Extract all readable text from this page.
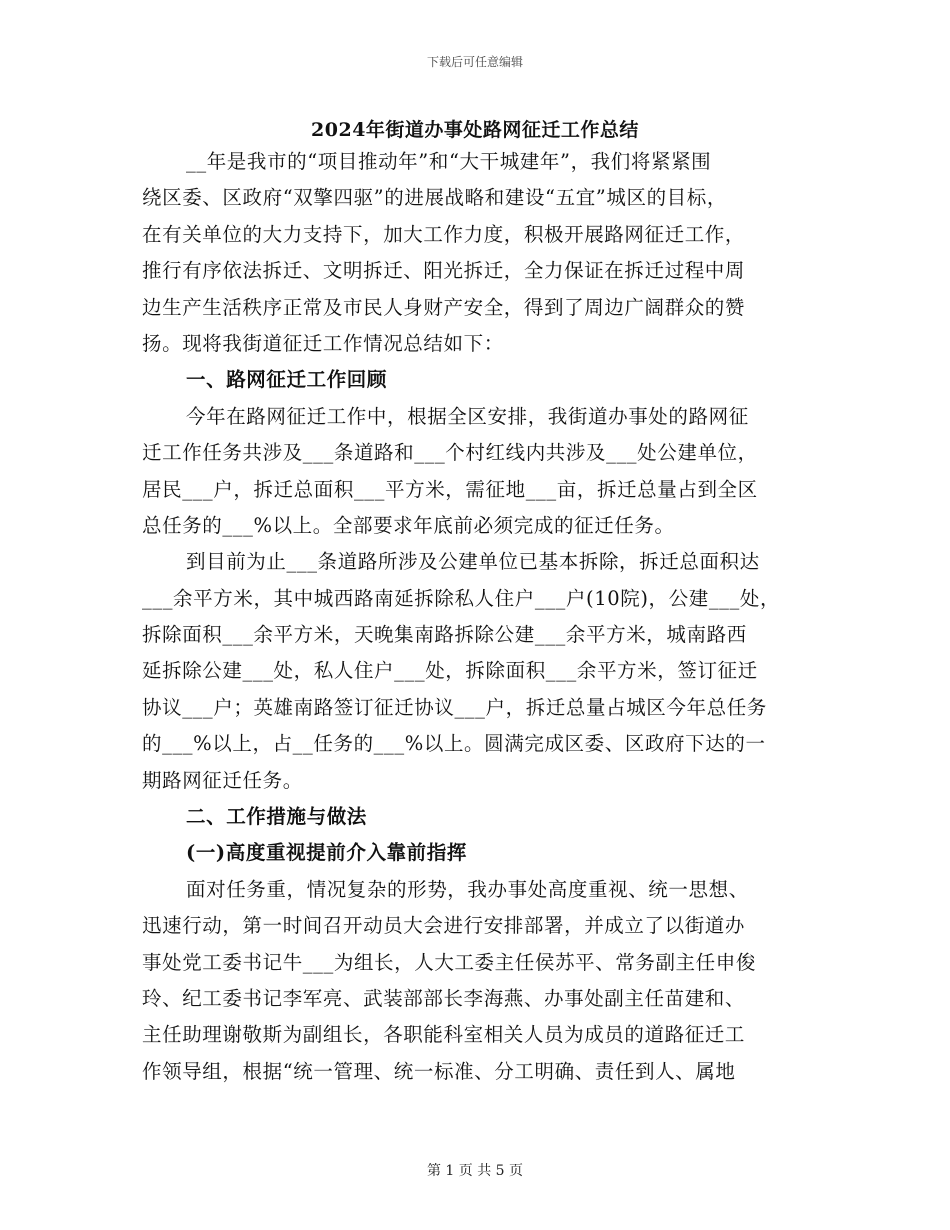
下载后可任意编辑
2024年街道办事处路网征迁工作总结
__年是我市的“项目推动年”和“大干城建年”，我们将紧紧围
绕区委、区政府“双擎四驱”的进展战略和建设“五宜”城区的目标，
在有关单位的大力支持下，加大工作力度，积极开展路网征迁工作，
推行有序依法拆迁、文明拆迁、阳光拆迁，全力保证在拆迁过程中周
边生产生活秩序正常及市民人身财产安全，得到了周边广阔群众的赞
扬。现将我街道征迁工作情况总结如下：
一、路网征迁工作回顾
今年在路网征迁工作中，根据全区安排，我街道办事处的路网征
迁工作任务共涉及___条道路和___个村红线内共涉及___处公建单位，
居民___户，拆迁总面积___平方米，需征地___亩，拆迁总量占到全区
总任务的___%以上。全部要求年底前必须完成的征迁任务。
到目前为止___条道路所涉及公建单位已基本拆除，拆迁总面积达
___余平方米，其中城西路南延拆除私人住户___户(10院)，公建___处，
拆除面积___余平方米，天晚集南路拆除公建___余平方米，城南路西
延拆除公建___处，私人住户___处，拆除面积___余平方米，签订征迁
协议___户；英雄南路签订征迁协议___户，拆迁总量占城区今年总任务
的___%以上，占__任务的___%以上。圆满完成区委、区政府下达的一
期路网征迁任务。
二、工作措施与做法
(一)高度重视提前介入靠前指挥
面对任务重，情况复杂的形势，我办事处高度重视、统一思想、
迅速行动，第一时间召开动员大会进行安排部署，并成立了以街道办
事处党工委书记牛___为组长，人大工委主任侯苏平、常务副主任申俊
玲、纪工委书记李军亮、武装部部长李海燕、办事处副主任苗建和、
主任助理谢敬斯为副组长，各职能科室相关人员为成员的道路征迁工
作领导组，根据“统一管理、统一标准、分工明确、责任到人、属地
第 1 页 共 5 页
